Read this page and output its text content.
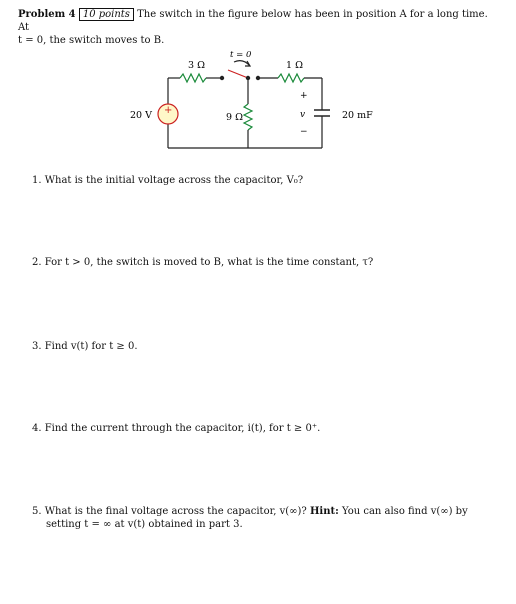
Problem 4 10 points The switch in the figure below has been in position A for a long time. At
t = 0, the switch moves to B.
+
3 Ω	1 Ω
9 Ω
t = 0
20 V	20 mF
+
v
−
1. What is the initial voltage across the capacitor, V₀?
2. For t > 0, the switch is moved to B, what is the time constant, τ?
3. Find v(t) for t ≥ 0.
4. Find the current through the capacitor, i(t), for t ≥ 0⁺.
5. What is the final voltage across the capacitor, v(∞)? Hint: You can also find v(∞) by
setting t = ∞ at v(t) obtained in part 3.
